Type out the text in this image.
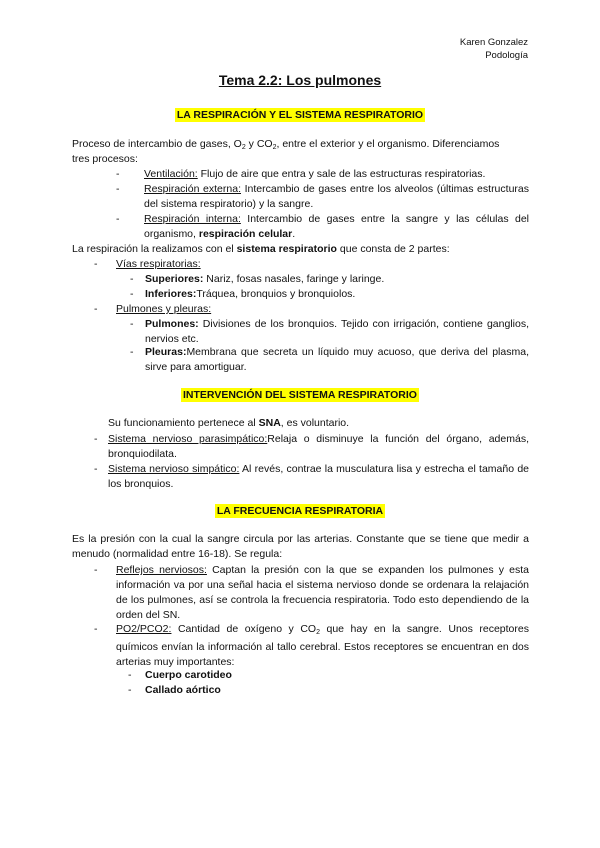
Karen Gonzalez
Podología
Tema 2.2: Los pulmones
LA RESPIRACIÓN Y EL SISTEMA RESPIRATORIO
Proceso de intercambio de gases, $O_2$ y $CO_2$, entre el exterior y el organismo. Diferenciamos
tres procesos:
- Ventilación: Flujo de aire que entra y sale de las estructuras respiratorias.
- Respiración externa: Intercambio de gases entre los alveolos (últimas estructuras del sistema respiratorio) y la sangre.
- Respiración interna: Intercambio de gases entre la sangre y las células del organismo, respiración celular.
La respiración la realizamos con el sistema respiratorio que consta de 2 partes:
- Vías respiratorias:
- Superiores: Nariz, fosas nasales, faringe y laringe.
- Inferiores:Tráquea, bronquios y bronquiolos.
- Pulmones y pleuras:
- Pulmones: Divisiones de los bronquios. Tejido con irrigación, contiene ganglios, nervios etc.
- Pleuras:Membrana que secreta un líquido muy acuoso, que deriva del plasma, sirve para amortiguar.
INTERVENCIÓN DEL SISTEMA RESPIRATORIO
Su funcionamiento pertenece al SNA, es voluntario.
- Sistema nervioso parasimpático:Relaja o disminuye la función del órgano, además, bronquiodilata.
- Sistema nervioso simpático: Al revés, contrae la musculatura lisa y estrecha el tamaño de los bronquios.
LA FRECUENCIA RESPIRATORIA
Es la presión con la cual la sangre circula por las arterias. Constante que se tiene que medir a menudo (normalidad entre 16-18). Se regula:
- Reflejos nerviosos: Captan la presión con la que se expanden los pulmones y esta información va por una señal hacia el sistema nervioso donde se ordenara la relajación de los pulmones, así se controla la frecuencia respiratoria. Todo esto dependiendo de la orden del SN.
- PO2/PCO2: Cantidad de oxígeno y $CO_2$ que hay en la sangre. Unos receptores químicos envían la información al tallo cerebral. Estos receptores se encuentran en dos arterias muy importantes:
- Cuerpo carotideo
- Callado aórtico
